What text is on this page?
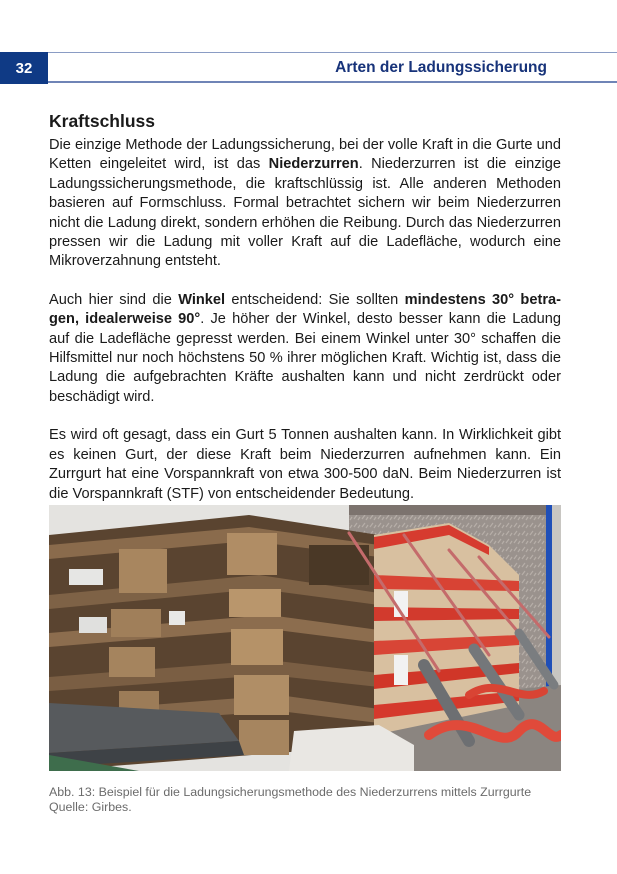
32	Arten der Ladungssicherung
Kraftschluss

Die einzige Methode der Ladungssicherung, bei der volle Kraft in die Gurte und Ketten eingeleitet wird, ist das Niederzurren. Niederzurren ist die einzige Ladungssicherungsmethode, die kraftschlüssig ist. Alle anderen Methoden basieren auf Formschluss. Formal betrachtet sichern wir beim Niederzurren nicht die Ladung direkt, sondern erhöhen die Reibung. Durch das Niederzurren pressen wir die Ladung mit voller Kraft auf die Ladefläche, wodurch eine Mikroverzahnung entsteht.

Auch hier sind die Winkel entscheidend: Sie sollten mindestens 30° betragen, idealerweise 90°. Je höher der Winkel, desto besser kann die Ladung auf die Ladefläche gepresst werden. Bei einem Winkel unter 30° schaffen die Hilfsmittel nur noch höchstens 50 % ihrer möglichen Kraft. Wichtig ist, dass die Ladung die aufgebrachten Kräfte aushalten kann und nicht zerdrückt oder beschädigt wird.

Es wird oft gesagt, dass ein Gurt 5 Tonnen aushalten kann. In Wirklichkeit gibt es keinen Gurt, der diese Kraft beim Niederzurren aufnehmen kann. Ein Zurrgurt hat eine Vorspannkraft von etwa 300-500 daN. Beim Niederzurren ist die Vorspannkraft (STF) von entscheidender Bedeutung.

Abb. 13: Beispiel für die Ladungsicherungsmethode des Niederzurrens mittels Zurrgurte
Quelle: Girbes.
